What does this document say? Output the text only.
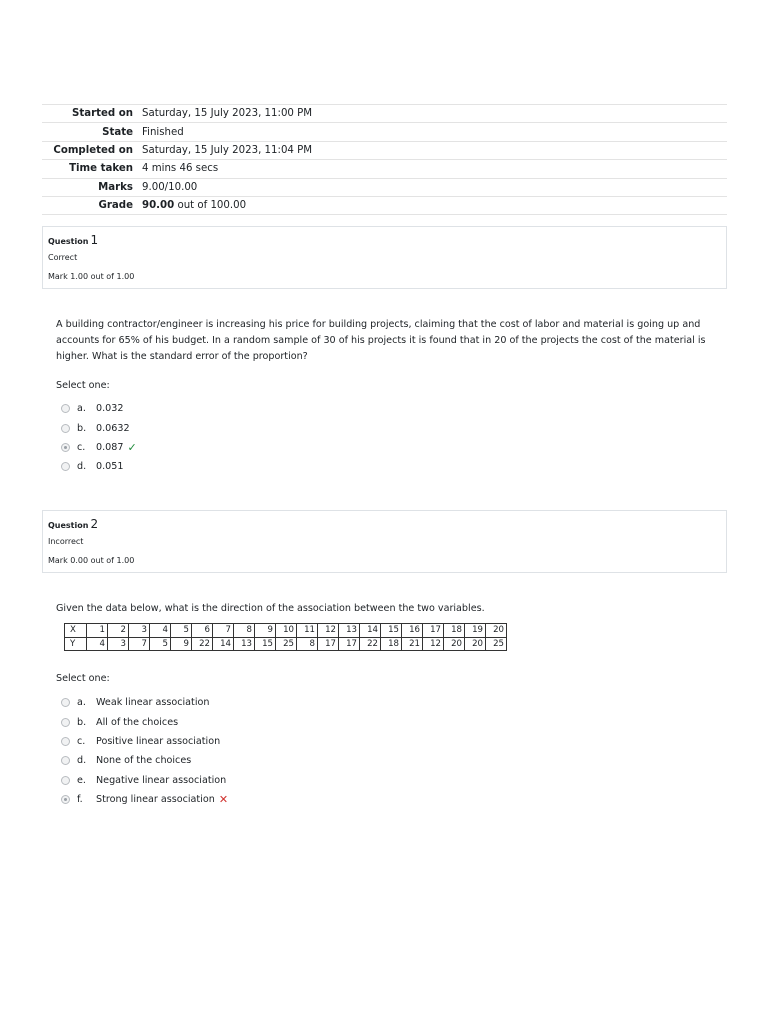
Started on Saturday, 15 July 2023, 11:00 PM
State Finished
Completed on Saturday, 15 July 2023, 11:04 PM
Time taken 4 mins 46 secs
Marks 9.00/10.00
Grade 90.00 out of 100.00
Question 1
Correct
Mark 1.00 out of 1.00
A building contractor/engineer is increasing his price for building projects, claiming that the cost of labor and material is going up and accounts for 65% of his budget. In a random sample of 30 of his projects it is found that in 20 of the projects the cost of the material is higher. What is the standard error of the proportion?
Select one:
a.	0.032
b.	0.0632
c.	0.087 ✓
d.	0.051
Question 2
Incorrect
Mark 0.00 out of 1.00
Given the data below, what is the direction of the association between the two variables.
X	1	2	3	4	5	6	7	8	9	10	11	12	13	14	15	16	17	18	19	20
Y	4	3	7	5	9	22	14	13	15	25	8	17	17	22	18	21	12	20	20	25
Select one:
a.	Weak linear association
b.	All of the choices
c.	Positive linear association
d.	None of the choices
e.	Negative linear association
f.	Strong linear association ✕
